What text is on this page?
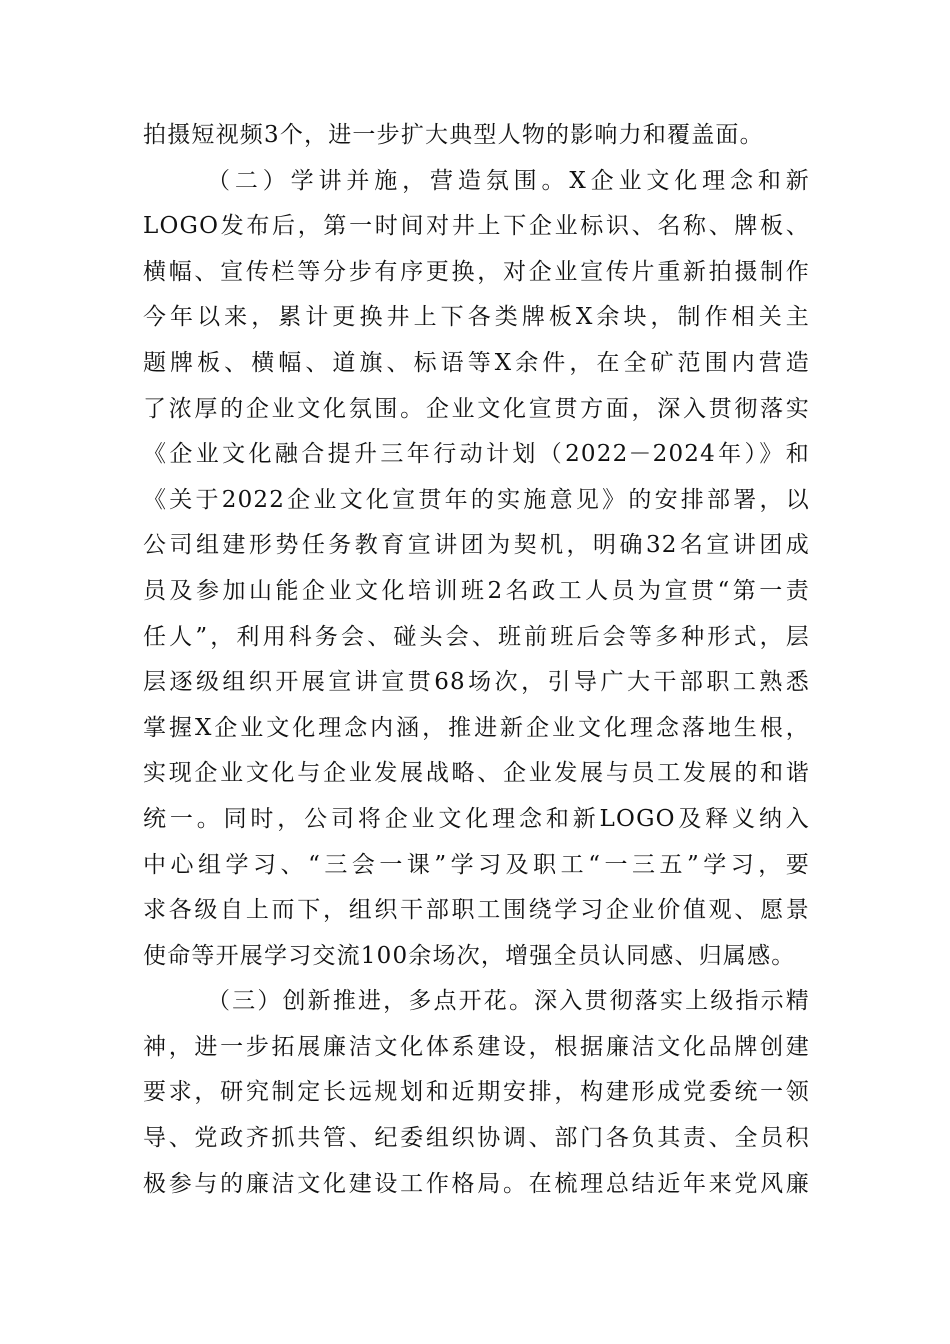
拍摄短视频3个，进一步扩大典型人物的影响力和覆盖面。
（二）学讲并施，营造氛围。X企业文化理念和新
LOGO发布后，第一时间对井上下企业标识、名称、牌板、
横幅、宣传栏等分步有序更换，对企业宣传片重新拍摄制作
今年以来，累计更换井上下各类牌板X余块，制作相关主
题牌板、横幅、道旗、标语等X余件，在全矿范围内营造
了浓厚的企业文化氛围。企业文化宣贯方面，深入贯彻落实
《企业文化融合提升三年行动计划（2022－2024年）》和
《关于2022企业文化宣贯年的实施意见》的安排部署，以
公司组建形势任务教育宣讲团为契机，明确32名宣讲团成
员及参加山能企业文化培训班2名政工人员为宣贯“第一责
任人”，利用科务会、碰头会、班前班后会等多种形式，层
层逐级组织开展宣讲宣贯68场次，引导广大干部职工熟悉
掌握X企业文化理念内涵，推进新企业文化理念落地生根，
实现企业文化与企业发展战略、企业发展与员工发展的和谐
统一。同时，公司将企业文化理念和新LOGO及释义纳入
中心组学习、“三会一课”学习及职工“一三五”学习，要
求各级自上而下，组织干部职工围绕学习企业价值观、愿景
使命等开展学习交流100余场次，增强全员认同感、归属感。
（三）创新推进，多点开花。深入贯彻落实上级指示精
神，进一步拓展廉洁文化体系建设，根据廉洁文化品牌创建
要求，研究制定长远规划和近期安排，构建形成党委统一领
导、党政齐抓共管、纪委组织协调、部门各负其责、全员积
极参与的廉洁文化建设工作格局。在梳理总结近年来党风廉
